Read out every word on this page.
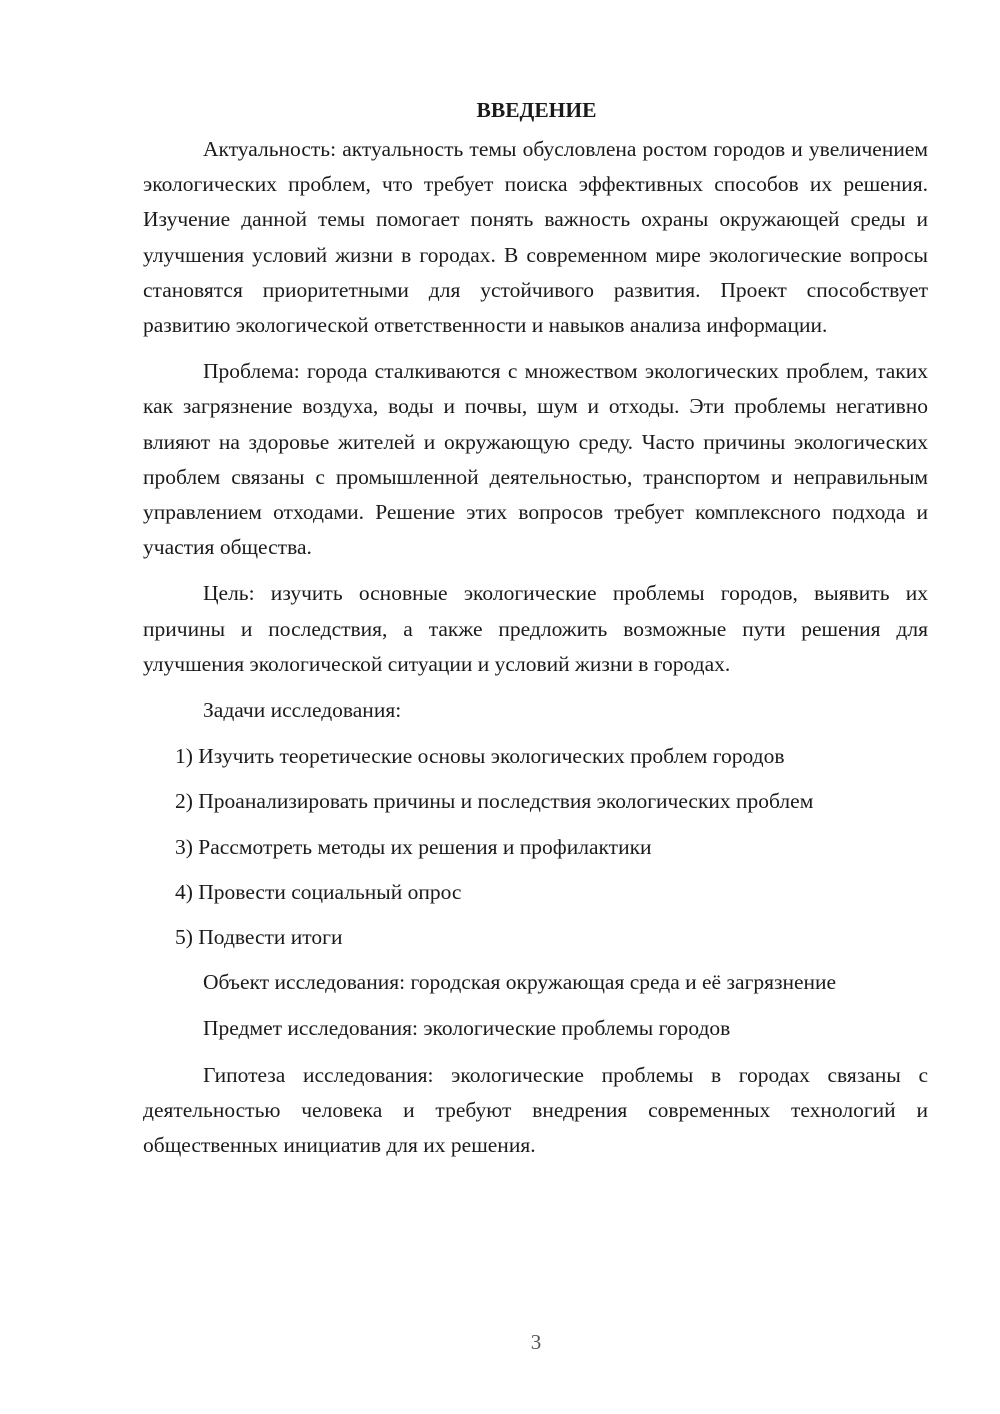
ВВЕДЕНИЕ

Актуальность: актуальность темы обусловлена ростом городов и увеличением экологических проблем, что требует поиска эффективных способов их решения. Изучение данной темы помогает понять важность охраны окружающей среды и улучшения условий жизни в городах. В современном мире экологические вопросы становятся приоритетными для устойчивого развития. Проект способствует развитию экологической ответственности и навыков анализа информации.

Проблема: города сталкиваются с множеством экологических проблем, таких как загрязнение воздуха, воды и почвы, шум и отходы. Эти проблемы негативно влияют на здоровье жителей и окружающую среду. Часто причины экологических проблем связаны с промышленной деятельностью, транспортом и неправильным управлением отходами. Решение этих вопросов требует комплексного подхода и участия общества.

Цель: изучить основные экологические проблемы городов, выявить их причины и последствия, а также предложить возможные пути решения для улучшения экологической ситуации и условий жизни в городах.

Задачи исследования:

1) Изучить теоретические основы экологических проблем городов
2) Проанализировать причины и последствия экологических проблем
3) Рассмотреть методы их решения и профилактики
4) Провести социальный опрос
5) Подвести итоги

Объект исследования: городская окружающая среда и её загрязнение

Предмет исследования: экологические проблемы городов

Гипотеза исследования: экологические проблемы в городах связаны с деятельностью человека и требуют внедрения современных технологий и общественных инициатив для их решения.

3
